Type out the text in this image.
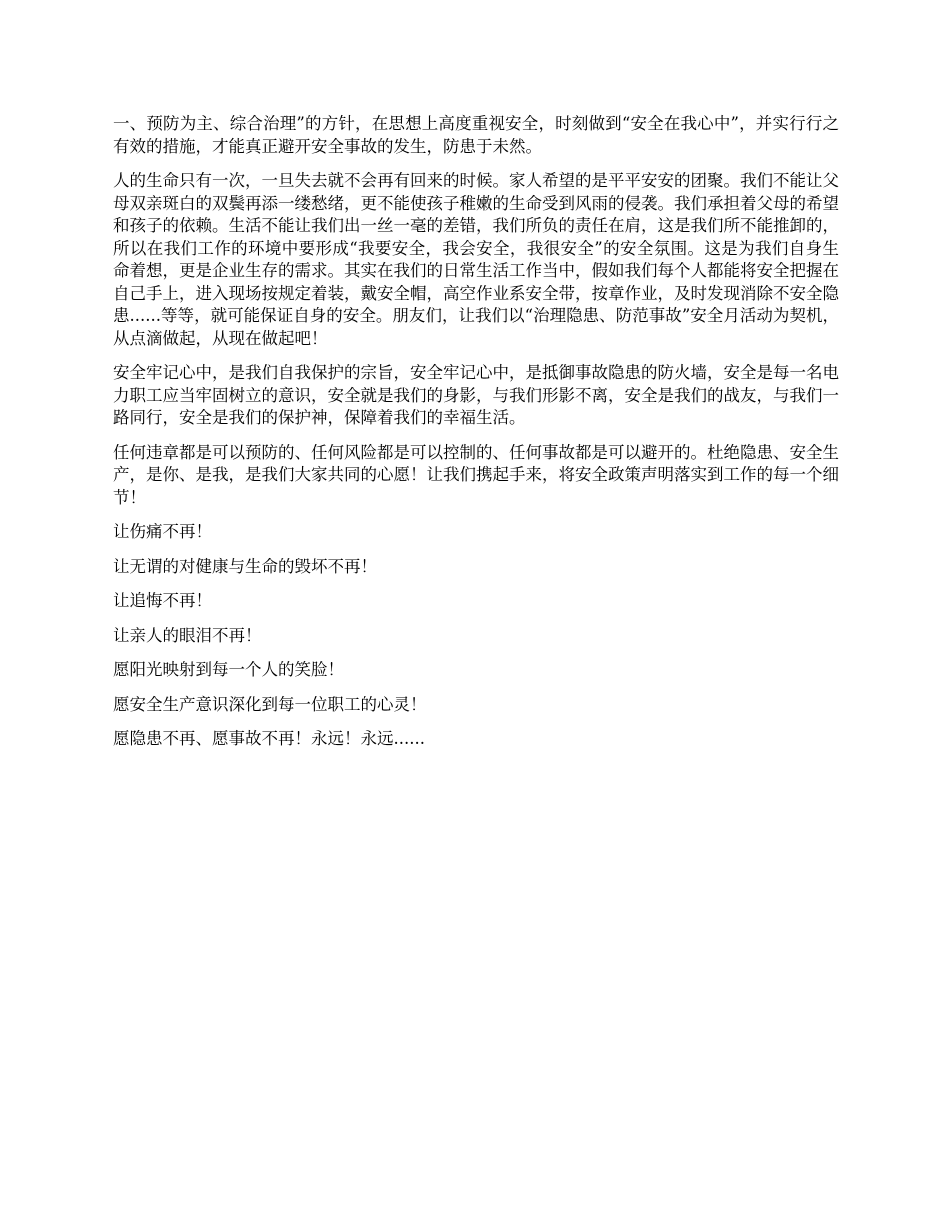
一、预防为主、综合治理”的方针，在思想上高度重视安全，时刻做到“安全在我心中”，并实行行之有效的措施，才能真正避开安全事故的发生，防患于未然。

人的生命只有一次，一旦失去就不会再有回来的时候。家人希望的是平平安安的团聚。我们不能让父母双亲斑白的双鬓再添一缕愁绪，更不能使孩子稚嫩的生命受到风雨的侵袭。我们承担着父母的希望和孩子的依赖。生活不能让我们出一丝一毫的差错，我们所负的责任在肩，这是我们所不能推卸的，所以在我们工作的环境中要形成“我要安全，我会安全，我很安全”的安全氛围。这是为我们自身生命着想，更是企业生存的需求。其实在我们的日常生活工作当中，假如我们每个人都能将安全把握在自己手上，进入现场按规定着装，戴安全帽，高空作业系安全带，按章作业，及时发现消除不安全隐患......等等，就可能保证自身的安全。朋友们，让我们以“治理隐患、防范事故”安全月活动为契机，从点滴做起，从现在做起吧！

安全牢记心中，是我们自我保护的宗旨，安全牢记心中，是抵御事故隐患的防火墙，安全是每一名电力职工应当牢固树立的意识，安全就是我们的身影，与我们形影不离，安全是我们的战友，与我们一路同行，安全是我们的保护神，保障着我们的幸福生活。

任何违章都是可以预防的、任何风险都是可以控制的、任何事故都是可以避开的。杜绝隐患、安全生产，是你、是我，是我们大家共同的心愿！让我们携起手来，将安全政策声明落实到工作的每一个细节！

让伤痛不再！

让无谓的对健康与生命的毁坏不再！

让追悔不再！

让亲人的眼泪不再！

愿阳光映射到每一个人的笑脸！

愿安全生产意识深化到每一位职工的心灵！

愿隐患不再、愿事故不再！永远！永远......
